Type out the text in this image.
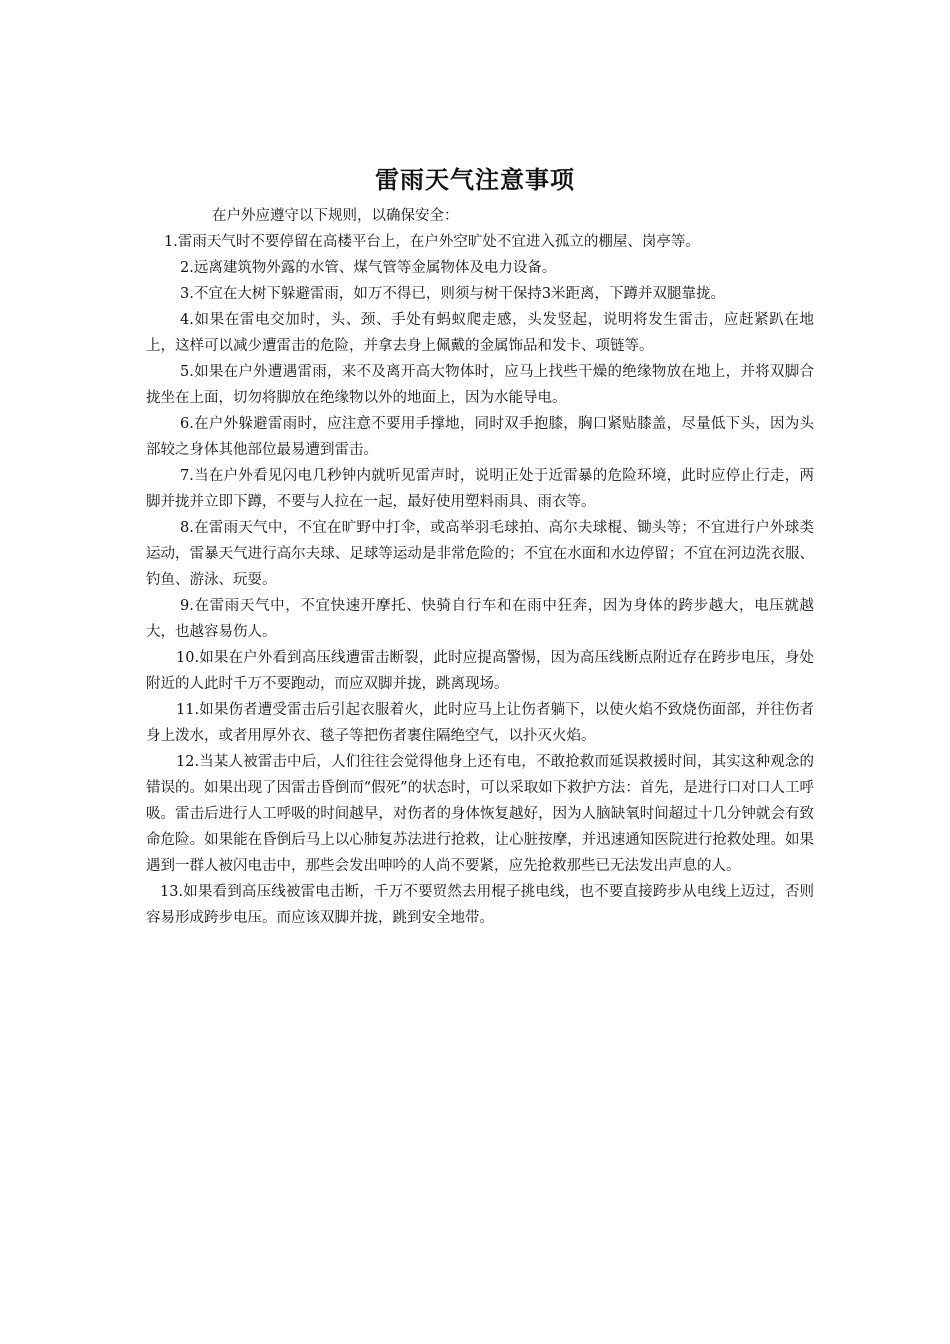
雷雨天气注意事项

在户外应遵守以下规则，以确保安全：

1.雷雨天气时不要停留在高楼平台上，在户外空旷处不宜进入孤立的棚屋、岗亭等。

2.远离建筑物外露的水管、煤气管等金属物体及电力设备。

3.不宜在大树下躲避雷雨，如万不得已，则须与树干保持3米距离，下蹲并双腿靠拢。

4.如果在雷电交加时，头、颈、手处有蚂蚁爬走感，头发竖起，说明将发生雷击，应赶紧趴在地上，这样可以减少遭雷击的危险，并拿去身上佩戴的金属饰品和发卡、项链等。

5.如果在户外遭遇雷雨，来不及离开高大物体时，应马上找些干燥的绝缘物放在地上，并将双脚合拢坐在上面，切勿将脚放在绝缘物以外的地面上，因为水能导电。

6.在户外躲避雷雨时，应注意不要用手撑地，同时双手抱膝，胸口紧贴膝盖，尽量低下头，因为头部较之身体其他部位最易遭到雷击。

7.当在户外看见闪电几秒钟内就听见雷声时，说明正处于近雷暴的危险环境，此时应停止行走，两脚并拢并立即下蹲，不要与人拉在一起，最好使用塑料雨具、雨衣等。

8.在雷雨天气中，不宜在旷野中打伞，或高举羽毛球拍、高尔夫球棍、锄头等；不宜进行户外球类运动，雷暴天气进行高尔夫球、足球等运动是非常危险的；不宜在水面和水边停留；不宜在河边洗衣服、钓鱼、游泳、玩耍。

9.在雷雨天气中，不宜快速开摩托、快骑自行车和在雨中狂奔，因为身体的跨步越大，电压就越大，也越容易伤人。

10.如果在户外看到高压线遭雷击断裂，此时应提高警惕，因为高压线断点附近存在跨步电压，身处附近的人此时千万不要跑动，而应双脚并拢，跳离现场。

11.如果伤者遭受雷击后引起衣服着火，此时应马上让伤者躺下，以使火焰不致烧伤面部，并往伤者身上泼水，或者用厚外衣、毯子等把伤者裹住隔绝空气，以扑灭火焰。

12.当某人被雷击中后，人们往往会觉得他身上还有电，不敢抢救而延误救援时间，其实这种观念的错误的。如果出现了因雷击昏倒而“假死”的状态时，可以采取如下救护方法：首先，是进行口对口人工呼吸。雷击后进行人工呼吸的时间越早，对伤者的身体恢复越好，因为人脑缺氧时间超过十几分钟就会有致命危险。如果能在昏倒后马上以心肺复苏法进行抢救，让心脏按摩，并迅速通知医院进行抢救处理。如果遇到一群人被闪电击中，那些会发出呻吟的人尚不要紧，应先抢救那些已无法发出声息的人。

13.如果看到高压线被雷电击断，千万不要贸然去用棍子挑电线，也不要直接跨步从电线上迈过，否则容易形成跨步电压。而应该双脚并拢，跳到安全地带。
